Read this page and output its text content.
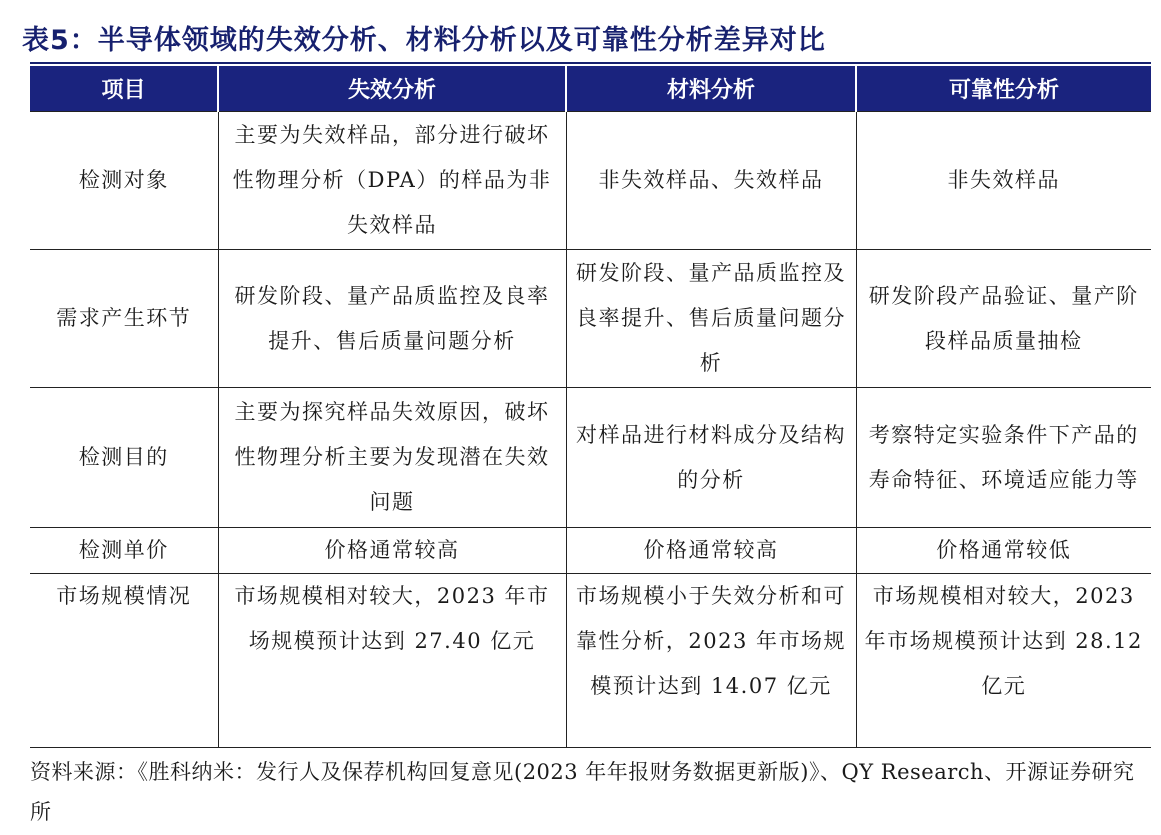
表5：半导体领域的失效分析、材料分析以及可靠性分析差异对比
项目	失效分析	材料分析	可靠性分析
检测对象	主要为失效样品，部分进行破坏性物理分析（DPA）的样品为非失效样品	非失效样品、失效样品	非失效样品
需求产生环节	研发阶段、量产品质监控及良率提升、售后质量问题分析	研发阶段、量产品质监控及良率提升、售后质量问题分析	研发阶段产品验证、量产阶段样品质量抽检
检测目的	主要为探究样品失效原因，破坏性物理分析主要为发现潜在失效问题	对样品进行材料成分及结构的分析	考察特定实验条件下产品的寿命特征、环境适应能力等
检测单价	价格通常较高	价格通常较高	价格通常较低
市场规模情况	市场规模相对较大，2023 年市场规模预计达到 27.40 亿元	市场规模小于失效分析和可靠性分析，2023 年市场规模预计达到 14.07 亿元	市场规模相对较大，2023 年市场规模预计达到 28.12 亿元
资料来源：《胜科纳米：发行人及保荐机构回复意见(2023 年年报财务数据更新版)》、QY Research、开源证券研究所
